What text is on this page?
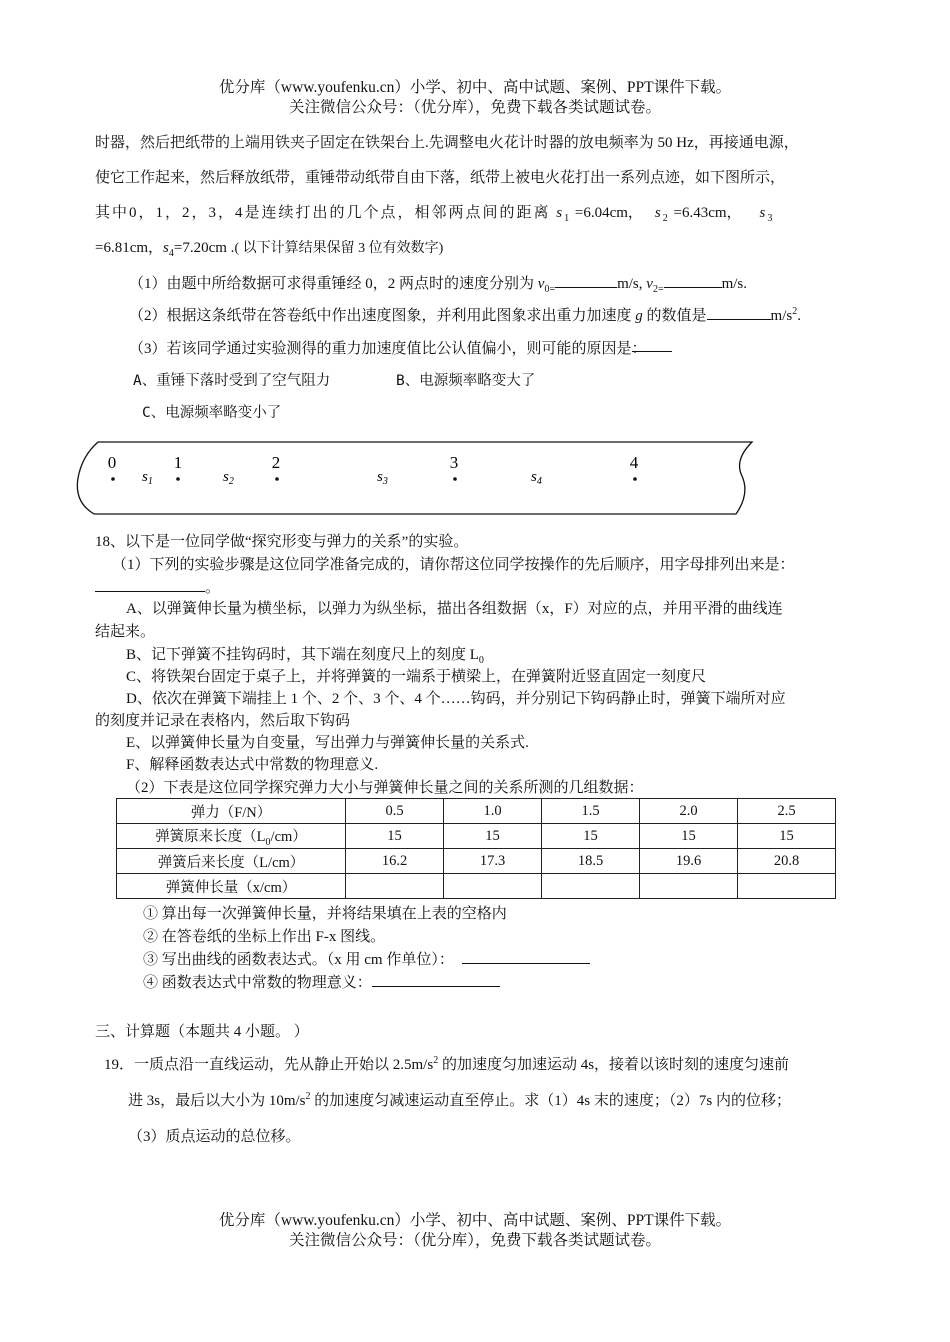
优分库（www.youfenku.cn）小学、初中、高中试题、案例、PPT课件下载。
关注微信公众号：（优分库），免费下载各类试题试卷。
时器，然后把纸带的上端用铁夹子固定在铁架台上.先调整电火花计时器的放电频率为 50 Hz，再接通电源，
使它工作起来，然后释放纸带，重锤带动纸带自由下落，纸带上被电火花打出一系列点迹，如下图所示，
其中0，1，2，3，4是连续打出的几个点，相邻两点间的距离 $s_1 =6.04cm$， $s_2 =6.43cm$， $s_3$
=6.81cm，$s_4=7.20cm$ .( 以下计算结果保留 3 位有效数字)
（1）由题中所给数据可求得重锤经 0，2 两点时的速度分别为 $v_{0=}$	m/s, $v_{2=}$	m/s.
（2）根据这条纸带在答卷纸中作出速度图象，并利用此图象求出重力加速度 g 的数值是	$m/s^2$.
（3）若该同学通过实验测得的重力加速度值比公认值偏小，则可能的原因是：
A、重锤下落时受到了空气阻力	B、电源频率略变大了
C、电源频率略变小了
0	1	2	3	4
$s_1$	$s_2$	$s_3$	$s_4$
18、以下是一位同学做“探究形变与弹力的关系”的实验。
（1）下列的实验步骤是这位同学准备完成的，请你帮这位同学按操作的先后顺序，用字母排列出来是：
。
A、以弹簧伸长量为横坐标，以弹力为纵坐标，描出各组数据（x，F）对应的点，并用平滑的曲线连
结起来。
B、记下弹簧不挂钩码时，其下端在刻度尺上的刻度 $L_0$
C、将铁架台固定于桌子上，并将弹簧的一端系于横梁上，在弹簧附近竖直固定一刻度尺
D、依次在弹簧下端挂上 1 个、2 个、3 个、4 个……钩码，并分别记下钩码静止时，弹簧下端所对应
的刻度并记录在表格内，然后取下钩码
E、以弹簧伸长量为自变量，写出弹力与弹簧伸长量的关系式.
F、解释函数表达式中常数的物理意义.
（2）下表是这位同学探究弹力大小与弹簧伸长量之间的关系所测的几组数据：
弹力（F/N）	0.5	1.0	1.5	2.0	2.5
弹簧原来长度$(L_0/cm)$	15	15	15	15	15
弹簧后来长度（L/cm）	16.2	17.3	18.5	19.6	20.8
弹簧伸长量（x/cm）					
① 算出每一次弹簧伸长量，并将结果填在上表的空格内
② 在答卷纸的坐标上作出 F-x 图线。
③ 写出曲线的函数表达式。（x 用 cm 作单位）：
④ 函数表达式中常数的物理意义：
三、计算题（本题共 4 小题。 ）
19．一质点沿一直线运动，先从静止开始以 $2.5m/s^2$ 的加速度匀加速运动 4s，接着以该时刻的速度匀速前
进 3s，最后以大小为 $10m/s^2$ 的加速度匀减速运动直至停止。求（1）4s 末的速度；（2）7s 内的位移；
（3）质点运动的总位移。
优分库（www.youfenku.cn）小学、初中、高中试题、案例、PPT课件下载。
关注微信公众号：（优分库），免费下载各类试题试卷。
